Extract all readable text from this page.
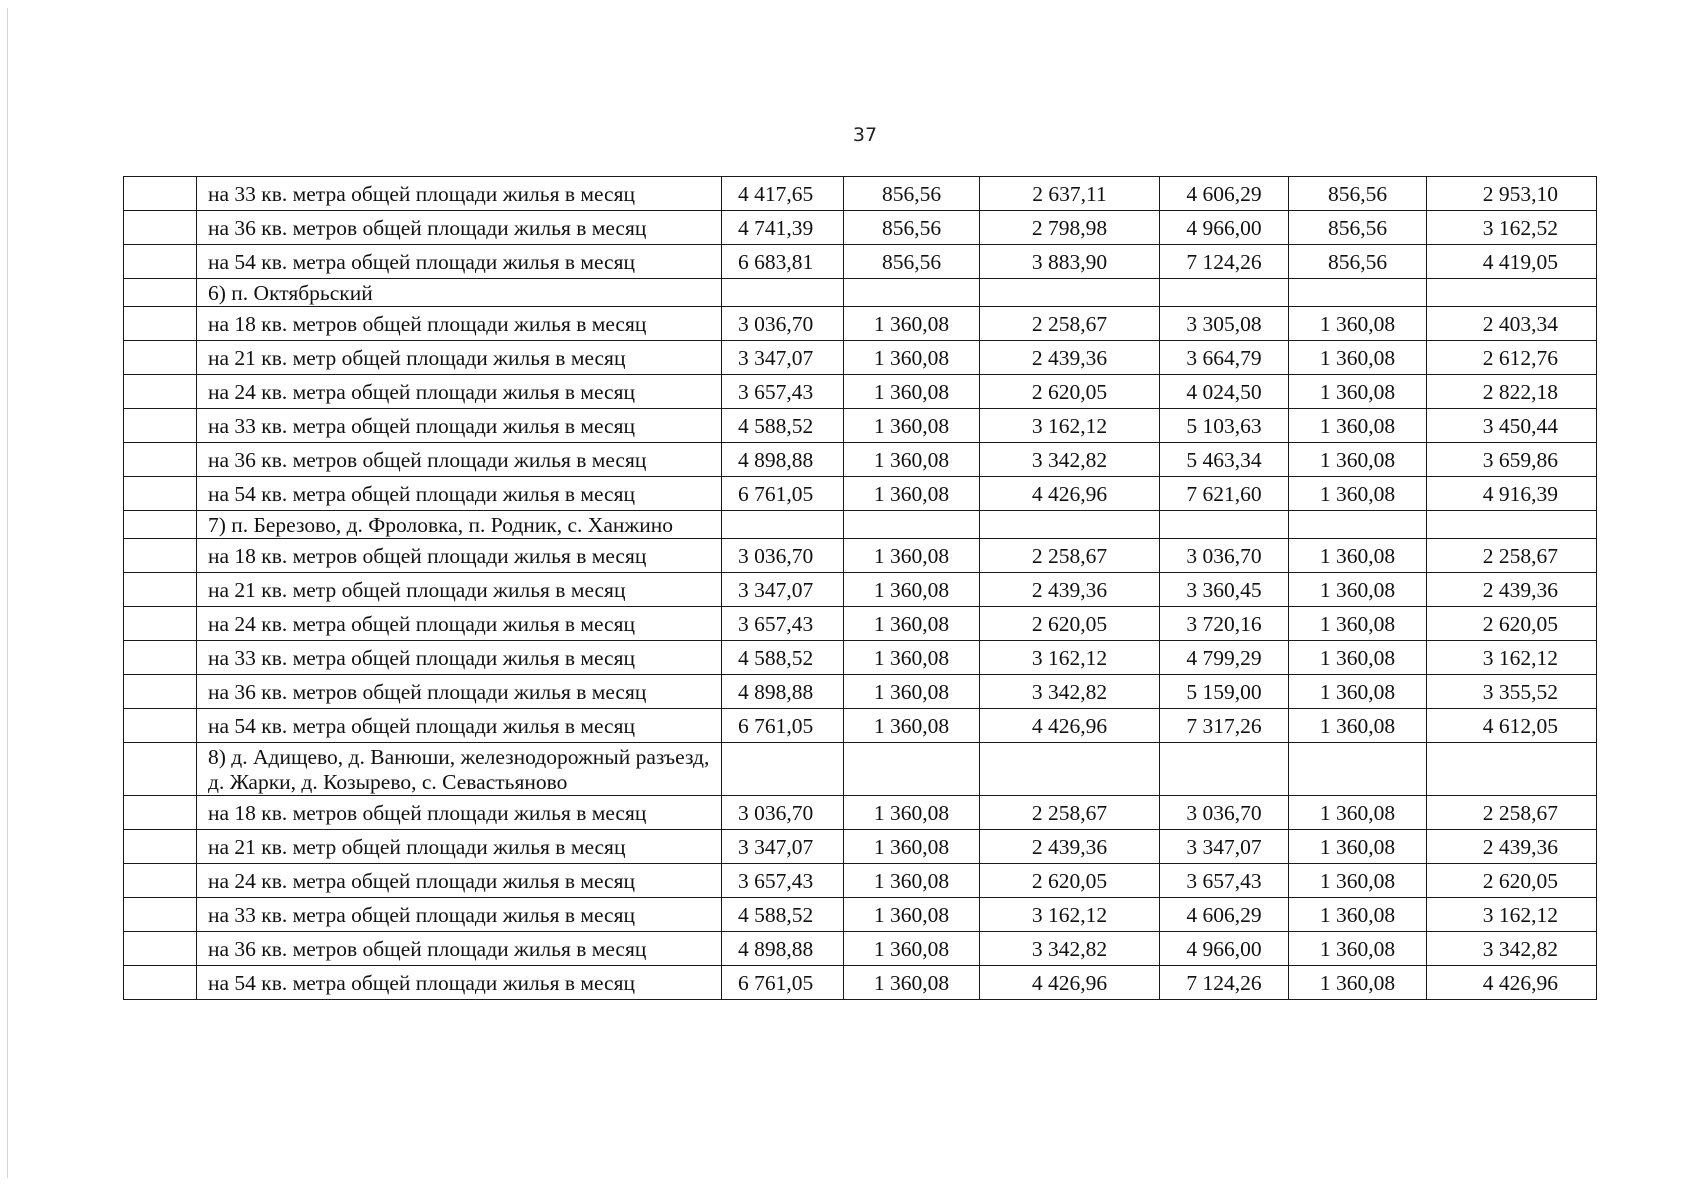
37
	на 33 кв. метра общей площади жилья в месяц	4 417,65	856,56	2 637,11	4 606,29	856,56	2 953,10
	на 36 кв. метров общей площади жилья в месяц	4 741,39	856,56	2 798,98	4 966,00	856,56	3 162,52
	на 54 кв. метра общей площади жилья в месяц	6 683,81	856,56	3 883,90	7 124,26	856,56	4 419,05
	6) п. Октябрьский						
	на 18 кв. метров общей площади жилья в месяц	3 036,70	1 360,08	2 258,67	3 305,08	1 360,08	2 403,34
	на 21 кв. метр общей площади жилья в месяц	3 347,07	1 360,08	2 439,36	3 664,79	1 360,08	2 612,76
	на 24 кв. метра общей площади жилья в месяц	3 657,43	1 360,08	2 620,05	4 024,50	1 360,08	2 822,18
	на 33 кв. метра общей площади жилья в месяц	4 588,52	1 360,08	3 162,12	5 103,63	1 360,08	3 450,44
	на 36 кв. метров общей площади жилья в месяц	4 898,88	1 360,08	3 342,82	5 463,34	1 360,08	3 659,86
	на 54 кв. метра общей площади жилья в месяц	6 761,05	1 360,08	4 426,96	7 621,60	1 360,08	4 916,39
	7) п. Березово, д. Фроловка, п. Родник, с. Ханжино						
	на 18 кв. метров общей площади жилья в месяц	3 036,70	1 360,08	2 258,67	3 036,70	1 360,08	2 258,67
	на 21 кв. метр общей площади жилья в месяц	3 347,07	1 360,08	2 439,36	3 360,45	1 360,08	2 439,36
	на 24 кв. метра общей площади жилья в месяц	3 657,43	1 360,08	2 620,05	3 720,16	1 360,08	2 620,05
	на 33 кв. метра общей площади жилья в месяц	4 588,52	1 360,08	3 162,12	4 799,29	1 360,08	3 162,12
	на 36 кв. метров общей площади жилья в месяц	4 898,88	1 360,08	3 342,82	5 159,00	1 360,08	3 355,52
	на 54 кв. метра общей площади жилья в месяц	6 761,05	1 360,08	4 426,96	7 317,26	1 360,08	4 612,05
	8) д. Адищево, д. Ванюши, железнодорожный разъезд, д. Жарки, д. Козырево, с. Севастьяново						
	на 18 кв. метров общей площади жилья в месяц	3 036,70	1 360,08	2 258,67	3 036,70	1 360,08	2 258,67
	на 21 кв. метр общей площади жилья в месяц	3 347,07	1 360,08	2 439,36	3 347,07	1 360,08	2 439,36
	на 24 кв. метра общей площади жилья в месяц	3 657,43	1 360,08	2 620,05	3 657,43	1 360,08	2 620,05
	на 33 кв. метра общей площади жилья в месяц	4 588,52	1 360,08	3 162,12	4 606,29	1 360,08	3 162,12
	на 36 кв. метров общей площади жилья в месяц	4 898,88	1 360,08	3 342,82	4 966,00	1 360,08	3 342,82
	на 54 кв. метра общей площади жилья в месяц	6 761,05	1 360,08	4 426,96	7 124,26	1 360,08	4 426,96
